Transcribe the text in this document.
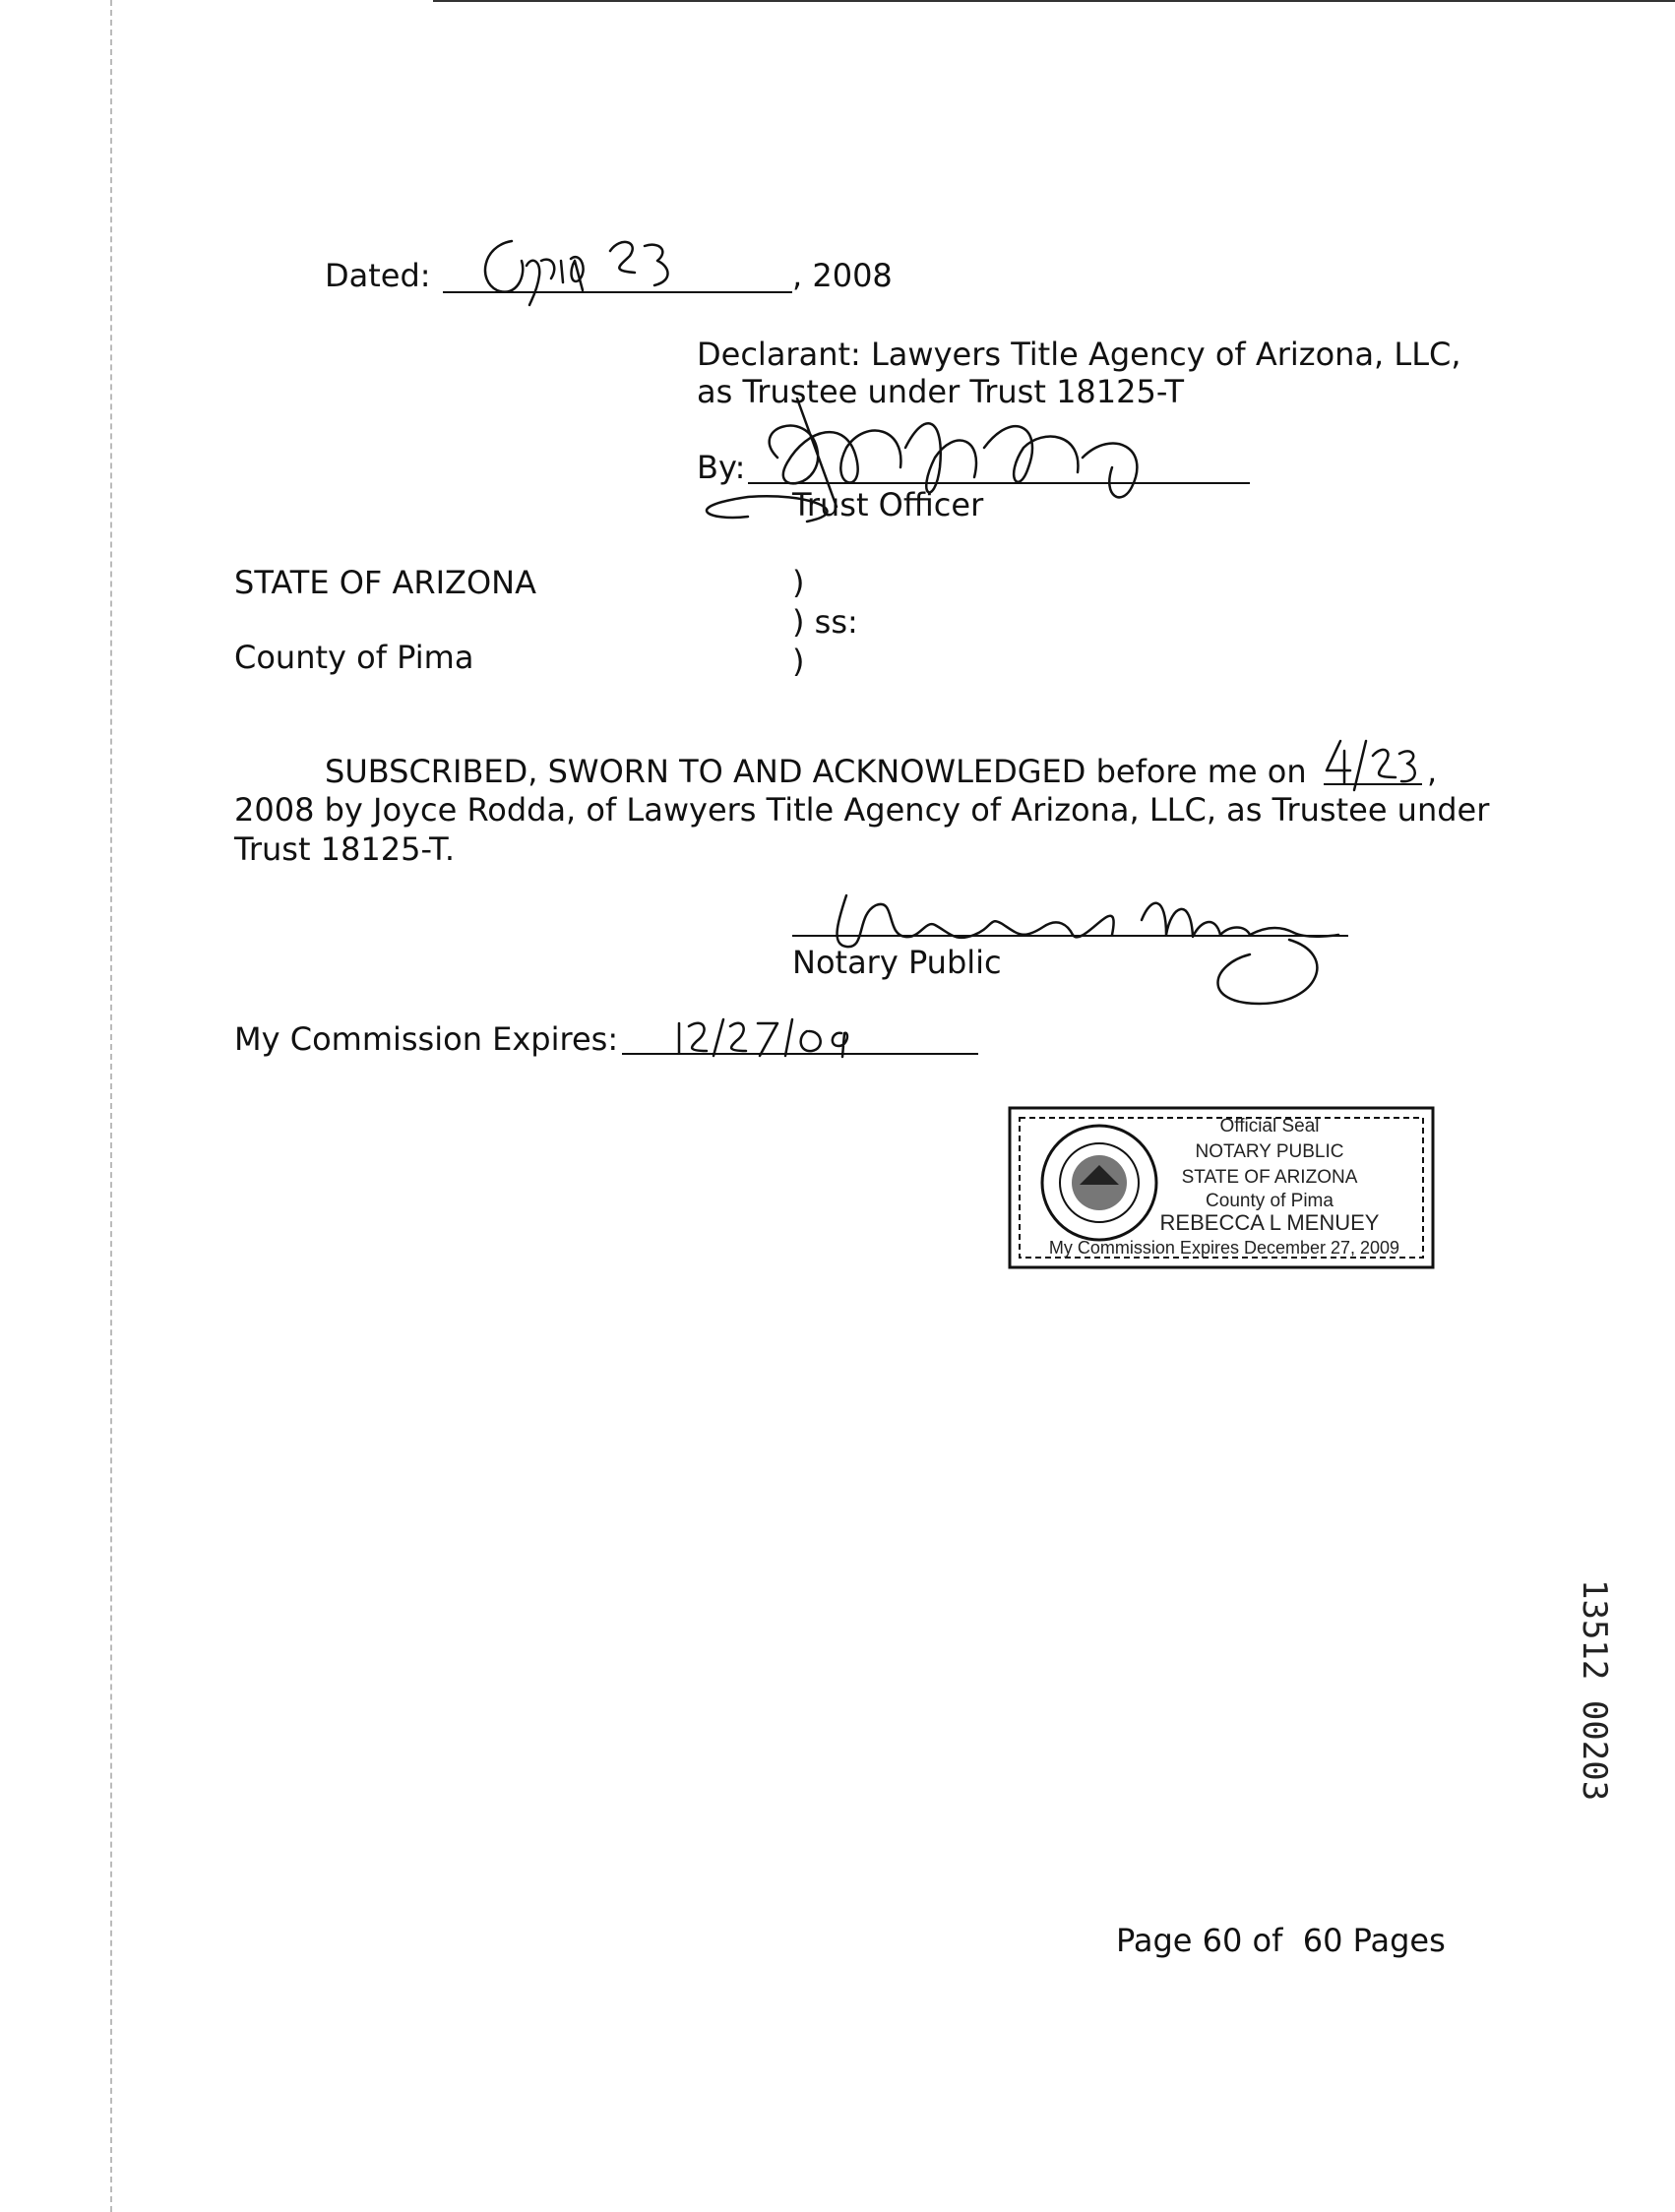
Dated:	, 2008
Declarant: Lawyers Title Agency of Arizona, LLC,
as Trustee under Trust 18125-T
By:
Trust Officer
STATE OF ARIZONA
County of Pima
)
) ss:
)
SUBSCRIBED, SWORN TO AND ACKNOWLEDGED before me on	,
2008 by Joyce Rodda, of Lawyers Title Agency of Arizona, LLC, as Trustee under
Trust 18125-T.
Notary Public
My Commission Expires:
Official Seal
NOTARY PUBLIC
STATE OF ARIZONA
County of Pima
REBECCA L MENUEY
My Commission Expires December 27, 2009
13512 00203
Page 60 of  60 Pages
